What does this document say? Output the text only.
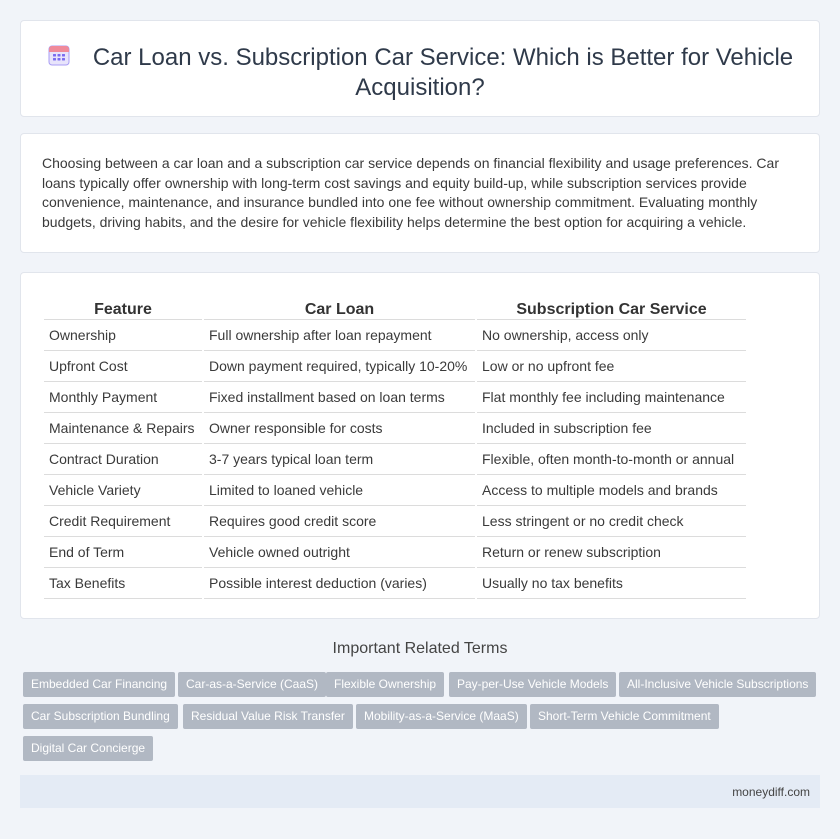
Car Loan vs. Subscription Car Service: Which is Better for Vehicle Acquisition?

Choosing between a car loan and a subscription car service depends on financial flexibility and usage preferences. Car loans typically offer ownership with long-term cost savings and equity build-up, while subscription services provide convenience, maintenance, and insurance bundled into one fee without ownership commitment. Evaluating monthly budgets, driving habits, and the desire for vehicle flexibility helps determine the best option for acquiring a vehicle.

Feature	Car Loan	Subscription Car Service
Ownership	Full ownership after loan repayment	No ownership, access only
Upfront Cost	Down payment required, typically 10-20%	Low or no upfront fee
Monthly Payment	Fixed installment based on loan terms	Flat monthly fee including maintenance
Maintenance & Repairs	Owner responsible for costs	Included in subscription fee
Contract Duration	3-7 years typical loan term	Flexible, often month-to-month or annual
Vehicle Variety	Limited to loaned vehicle	Access to multiple models and brands
Credit Requirement	Requires good credit score	Less stringent or no credit check
End of Term	Vehicle owned outright	Return or renew subscription
Tax Benefits	Possible interest deduction (varies)	Usually no tax benefits
Important Related Terms
Embedded Car Financing	Car-as-a-Service (CaaS)	Flexible Ownership	Pay-per-Use Vehicle Models	All-Inclusive Vehicle Subscriptions
Car Subscription Bundling	Residual Value Risk Transfer	Mobility-as-a-Service (MaaS)	Short-Term Vehicle Commitment
Digital Car Concierge
moneydiff.com
